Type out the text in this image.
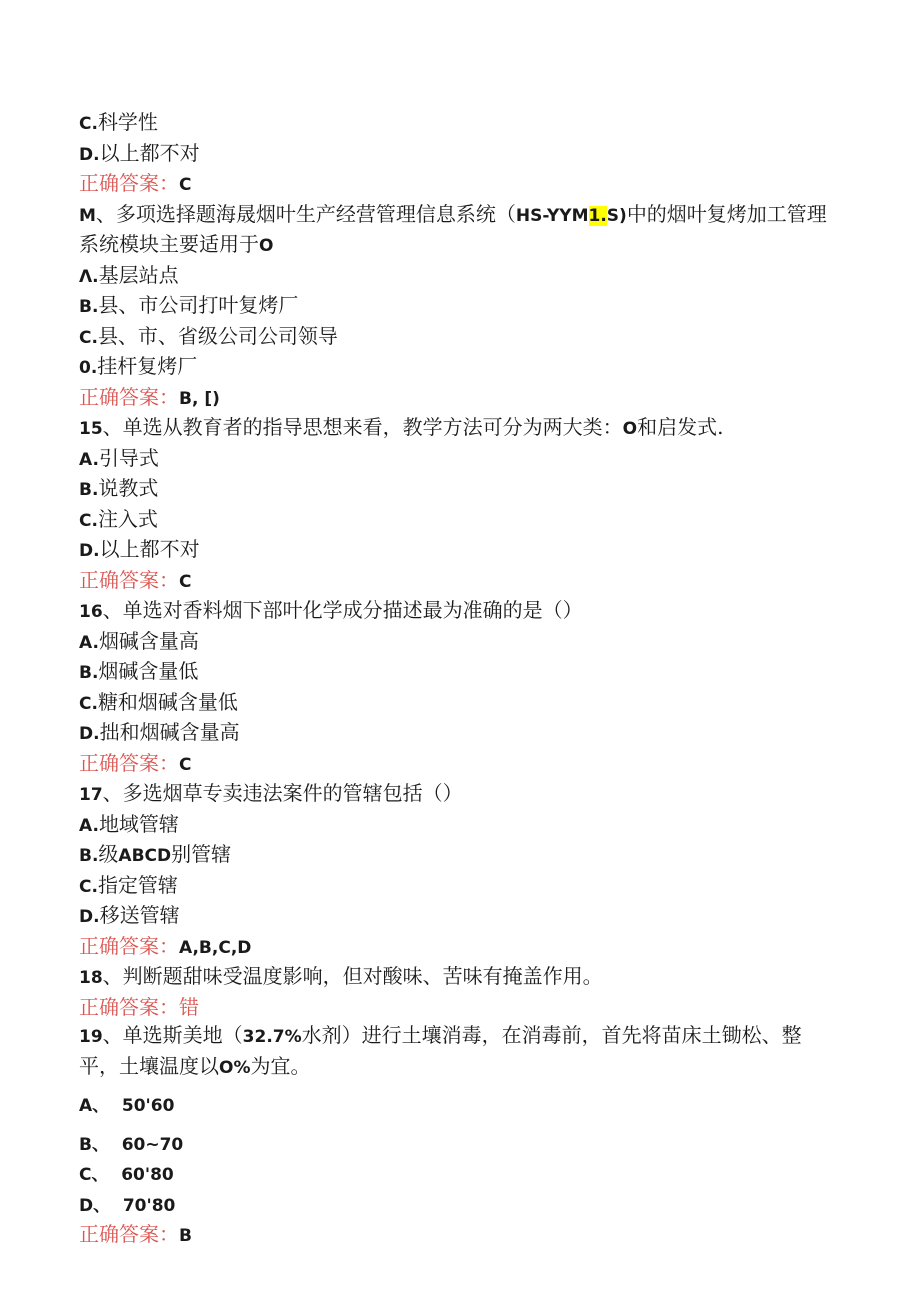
C.科学性
D.以上都不对
正确答案：C
M、多项选择题海晟烟叶生产经营管理信息系统（HS-YYM1.S)中的烟叶复烤加工管理系统模块主要适用于O
Λ.基层站点
B.县、市公司打叶复烤厂
C.县、市、省级公司公司领导
0.挂杆复烤厂
正确答案：B, [)
15、单选从教育者的指导思想来看，教学方法可分为两大类：O和启发式.
A.引导式
B.说教式
C.注入式
D.以上都不对
正确答案：C
16、单选对香料烟下部叶化学成分描述最为准确的是（）
A.烟碱含量高
B.烟碱含量低
C.糖和烟碱含量低
D.拙和烟碱含量高
正确答案：C
17、多选烟草专卖违法案件的管辖包括（）
A.地域管辖
B.级ABCD别管辖
C.指定管辖
D.移送管辖
正确答案：A,B,C,D
18、判断题甜味受温度影响，但对酸味、苦味有掩盖作用。
正确答案：错
19、单选斯美地（32.7%水剂）进行土壤消毒，在消毒前，首先将苗床土锄松、整平，土壤温度以O%为宜。
A、 50'60
B、 60~70
C、 60'80
D、 70'80
正确答案：B
